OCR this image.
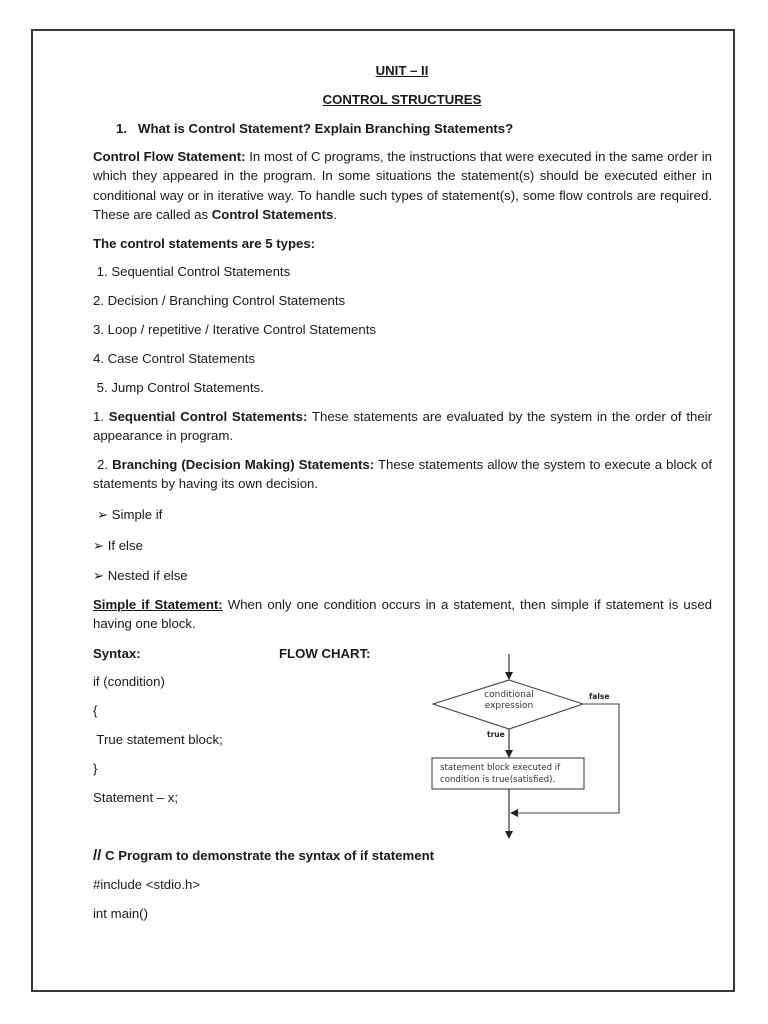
UNIT – II
CONTROL STRUCTURES
1. What is Control Statement? Explain Branching Statements?
Control Flow Statement: In most of C programs, the instructions that were executed in the same order in which they appeared in the program. In some situations the statement(s) should be executed either in conditional way or in iterative way. To handle such types of statement(s), some flow controls are required. These are called as Control Statements.
The control statements are 5 types:
1. Sequential Control Statements
2. Decision / Branching Control Statements
3. Loop / repetitive / Iterative Control Statements
4. Case Control Statements
5. Jump Control Statements.
1. Sequential Control Statements: These statements are evaluated by the system in the order of their appearance in program.
2. Branching (Decision Making) Statements: These statements allow the system to execute a block of statements by having its own decision.
➢ Simple if
➢ If else
➢ Nested if else
Simple if Statement: When only one condition occurs in a statement, then simple if statement is used having one block.
Syntax:	FLOW CHART:
if (condition)
{
True statement block;
}
Statement – x;
conditional
expression
false
true
statement block executed if
condition is true(satisfied).
// C Program to demonstrate the syntax of if statement
#include <stdio.h>
int main()
